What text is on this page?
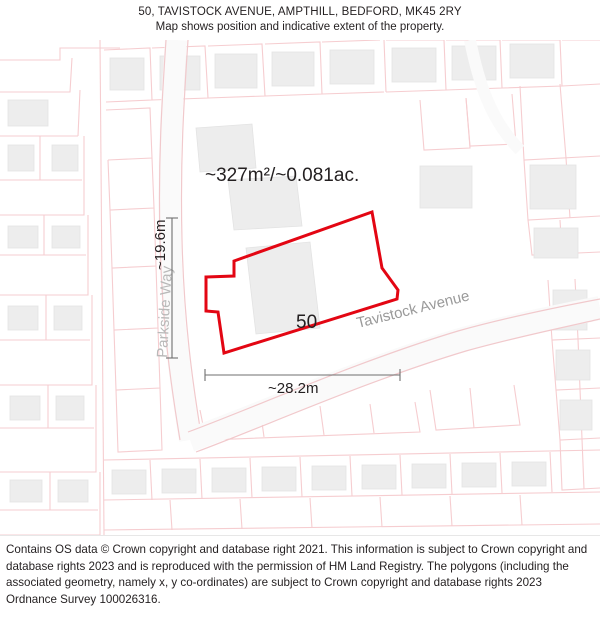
50, TAVISTOCK AVENUE, AMPTHILL, BEDFORD, MK45 2RY
Map shows position and indicative extent of the property.
Tavistock Avenue
Parkside Way
~327m²/~0.081ac.
50
~28.2m
~19.6m

Contains OS data © Crown copyright and database right 2021. This information is subject to Crown copyright and database rights 2023 and is reproduced with the permission of HM Land Registry. The polygons (including the associated geometry, namely x, y co-ordinates) are subject to Crown copyright and database rights 2023 Ordnance Survey 100026316.
